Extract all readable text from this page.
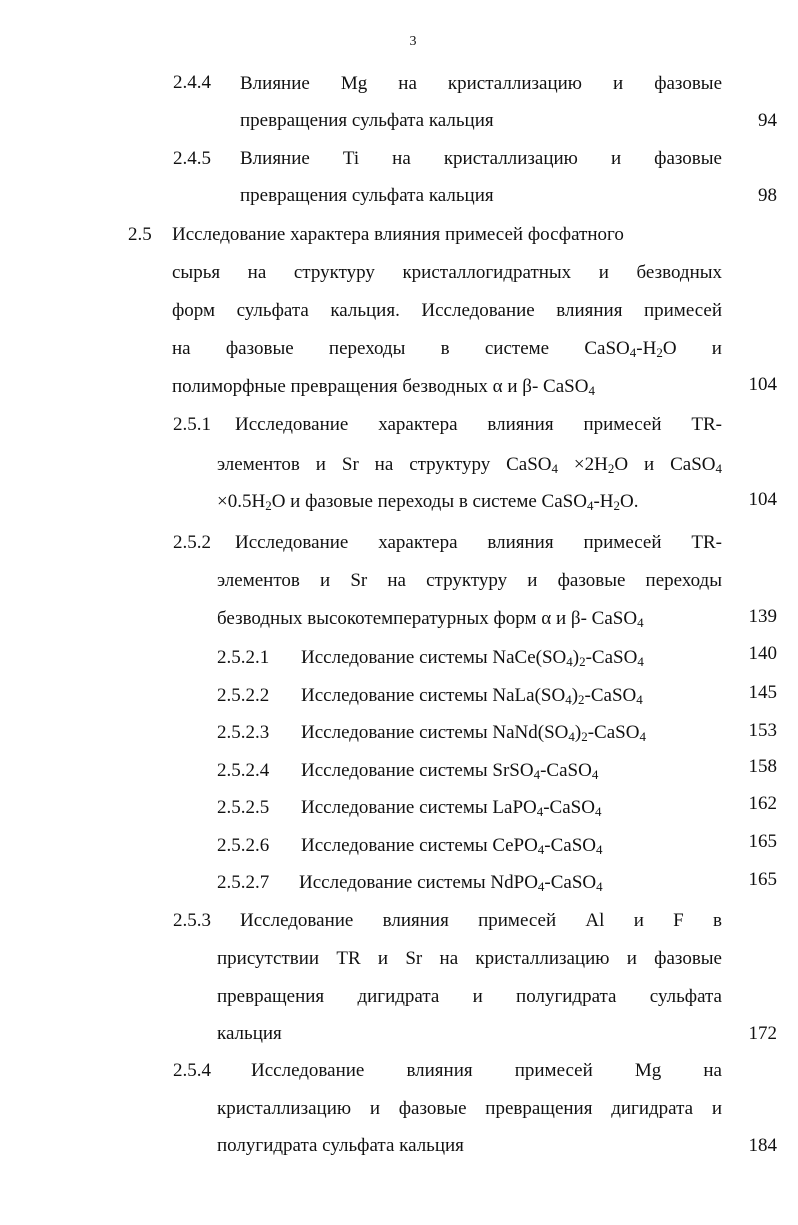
3
2.4.4 Влияние Mg на кристаллизацию и фазовые
превращения сульфата кальция	94
2.4.5 Влияние Ti на кристаллизацию и фазовые
превращения сульфата кальция	98
2.5 Исследование характера влияния примесей фосфатного
сырья на структуру кристаллогидратных и безводных
форм сульфата кальция. Исследование влияния примесей
на фазовые переходы в системе $CaSO_4-H_2O$ и
полиморфные превращения безводных α и β- CaSO$_4$	104
2.5.1 Исследование характера влияния примесей TR-
элементов и Sr на структуру CaSO$_4$ $\times 2H_2O$ и CaSO$_4$
$\times 0.5H_2O$ и фазовые переходы в системе $CaSO_4-H_2O$.	104
2.5.2 Исследование характера влияния примесей TR-
элементов и Sr на структуру и фазовые переходы
безводных высокотемпературных форм α и β- CaSO$_4$	139
2.5.2.1 Исследование системы $NaCe(SO_4)_2-CaSO_4$	140
2.5.2.2 Исследование системы $NaLa(SO_4)_2-CaSO_4$	145
2.5.2.3 Исследование системы $NaNd(SO_4)_2-CaSO_4$	153
2.5.2.4 Исследование системы SrSO$_4$-CaSO$_4$	158
2.5.2.5 Исследование системы LaPO$_4$-CaSO$_4$	162
2.5.2.6 Исследование системы CePO$_4$-CaSO$_4$	165
2.5.2.7 Исследование системы NdPO$_4$-CaSO$_4$	165
2.5.3 Исследование влияния примесей Al и F в
присутствии TR и Sr на кристаллизацию и фазовые
превращения дигидрата и полугидрата сульфата
кальция	172
2.5.4 Исследование влияния примесей Mg на
кристаллизацию и фазовые превращения дигидрата и
полугидрата сульфата кальция	184
